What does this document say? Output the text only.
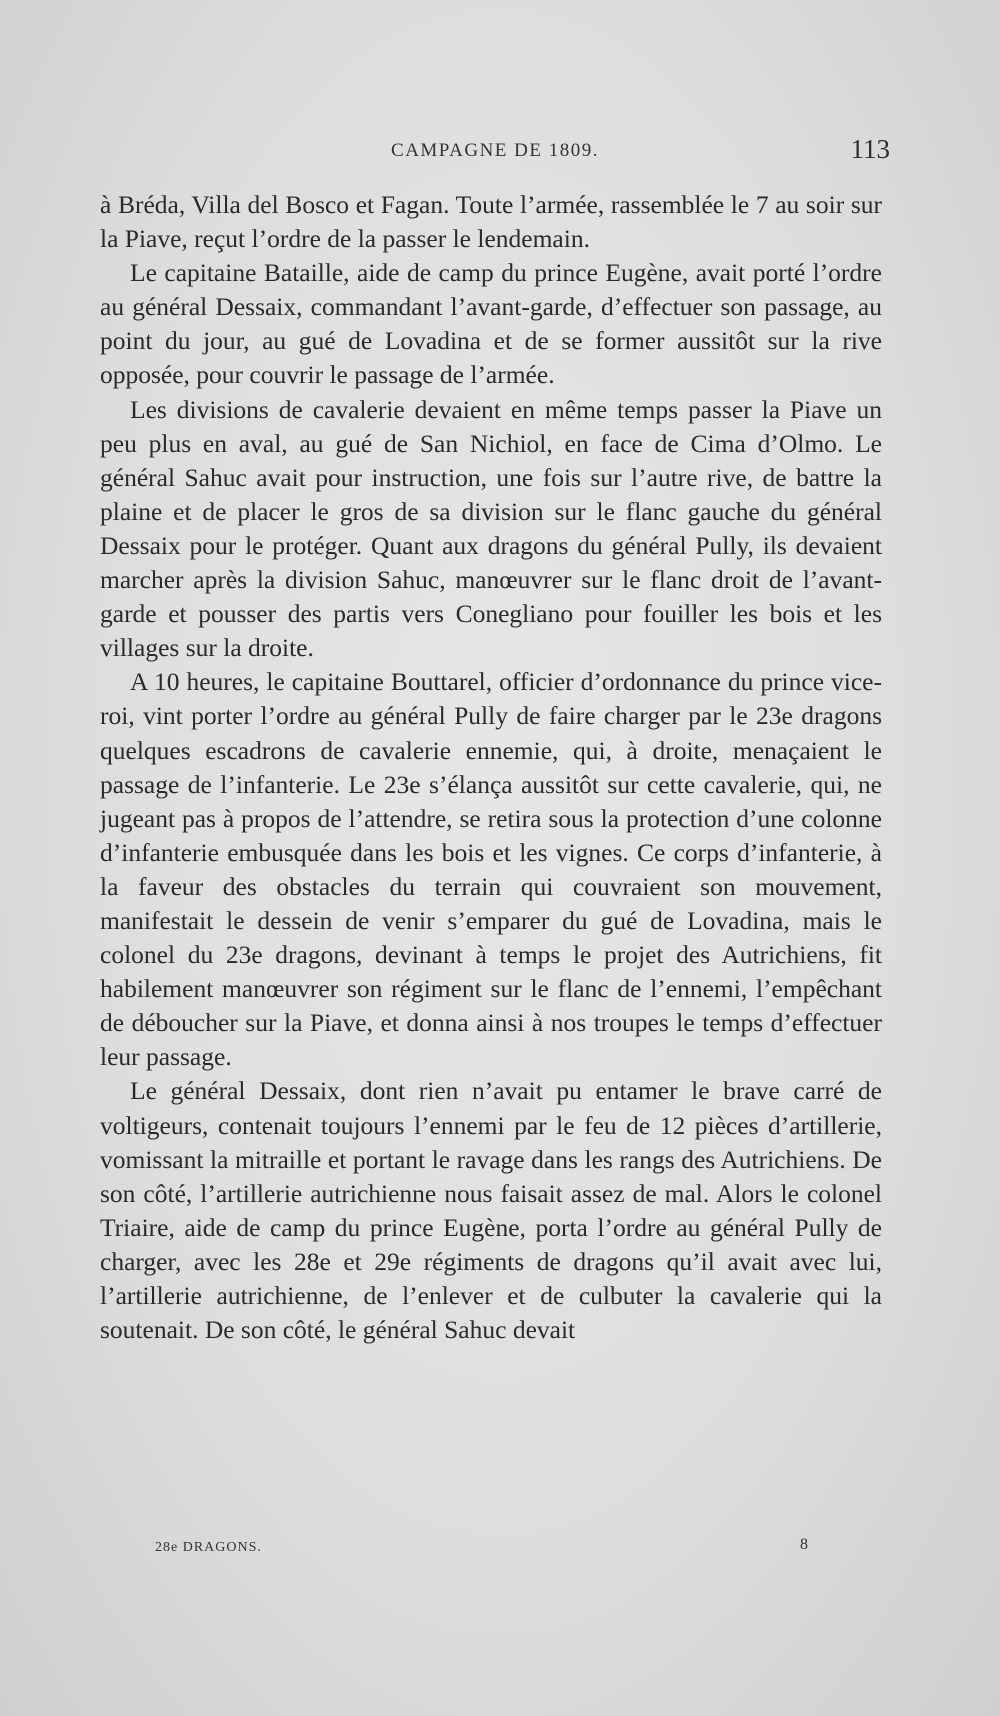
CAMPAGNE DE 1809.	113

à Bréda, Villa del Bosco et Fagan. Toute l’armée, rassemblée le 7 au soir sur la Piave, reçut l’ordre de la passer le lendemain.

Le capitaine Bataille, aide de camp du prince Eugène, avait porté l’ordre au général Dessaix, commandant l’avant-garde, d’effectuer son passage, au point du jour, au gué de Lovadina et de se former aussitôt sur la rive opposée, pour couvrir le passage de l’armée.

Les divisions de cavalerie devaient en même temps passer la Piave un peu plus en aval, au gué de San Nichiol, en face de Cima d’Olmo. Le général Sahuc avait pour instruction, une fois sur l’autre rive, de battre la plaine et de placer le gros de sa division sur le flanc gauche du général Dessaix pour le protéger. Quant aux dragons du général Pully, ils devaient marcher après la division Sahuc, manœuvrer sur le flanc droit de l’avant-garde et pousser des partis vers Conegliano pour fouiller les bois et les villages sur la droite.

A 10 heures, le capitaine Bouttarel, officier d’ordonnance du prince vice-roi, vint porter l’ordre au général Pully de faire charger par le 23e dragons quelques escadrons de cavalerie ennemie, qui, à droite, menaçaient le passage de l’infanterie. Le 23e s’élança aussitôt sur cette cavalerie, qui, ne jugeant pas à propos de l’attendre, se retira sous la protection d’une colonne d’infanterie embusquée dans les bois et les vignes. Ce corps d’infanterie, à la faveur des obstacles du terrain qui couvraient son mouvement, manifestait le dessein de venir s’emparer du gué de Lovadina, mais le colonel du 23e dragons, devinant à temps le projet des Autrichiens, fit habilement manœuvrer son régiment sur le flanc de l’ennemi, l’empêchant de déboucher sur la Piave, et donna ainsi à nos troupes le temps d’effectuer leur passage.

Le général Dessaix, dont rien n’avait pu entamer le brave carré de voltigeurs, contenait toujours l’ennemi par le feu de 12 pièces d’artillerie, vomissant la mitraille et portant le ravage dans les rangs des Autrichiens. De son côté, l’artillerie autrichienne nous faisait assez de mal. Alors le colonel Triaire, aide de camp du prince Eugène, porta l’ordre au général Pully de charger, avec les 28e et 29e régiments de dragons qu’il avait avec lui, l’artillerie autrichienne, de l’enlever et de culbuter la cavalerie qui la soutenait. De son côté, le général Sahuc devait

28e DRAGONS.	8
